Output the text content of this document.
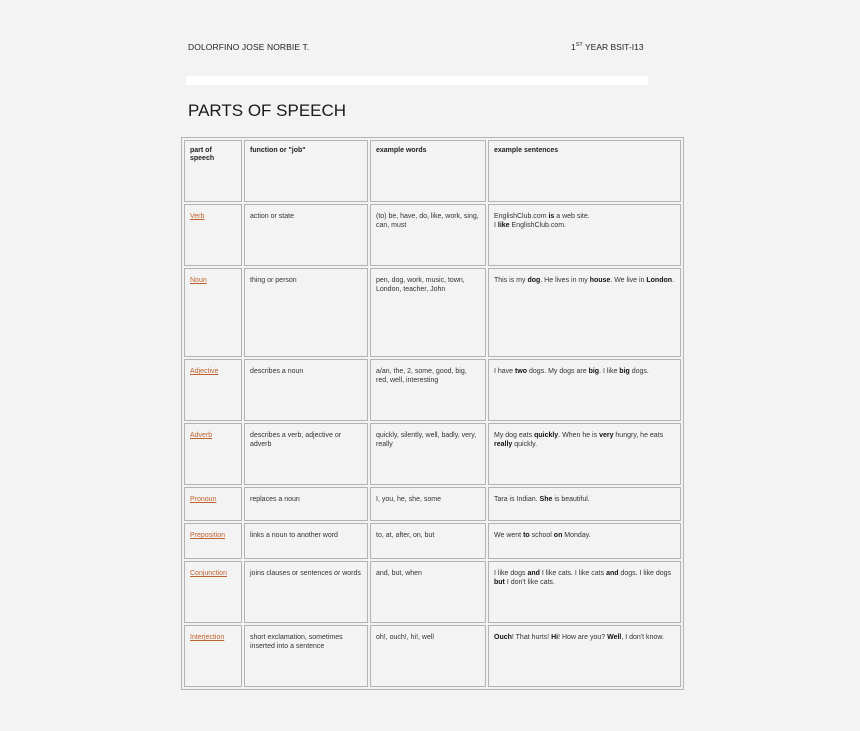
DOLORFINO JOSE NORBIE T.	1ST YEAR BSIT-I13
PARTS OF SPEECH
part of speech	function or "job"	example words	example sentences
Verb	action or state	(to) be, have, do, like, work, sing, can, must	EnglishClub.com is a web site.
I like EnglishClub.com.

Noun	thing or person	pen, dog, work, music, town, London, teacher, John	This is my dog. He lives in my house. We live in London.

Adjective	describes a noun	a/an, the, 2, some, good, big, red, well, interesting	I have two dogs. My dogs are big. I like big dogs.

Adverb	describes a verb, adjective or adverb	quickly, silently, well, badly, very, really	My dog eats quickly. When he is very hungry, he eats really quickly.

Pronoun	replaces a noun	I, you, he, she, some	Tara is Indian. She is beautiful.

Preposition	links a noun to another word	to, at, after, on, but	We went to school on Monday.

Conjunction	joins clauses or sentences or words	and, but, when	I like dogs and I like cats. I like cats and dogs. I like dogs but I don't like cats.

Interjection	short exclamation, sometimes inserted into a sentence	oh!, ouch!, hi!, well	Ouch! That hurts! Hi! How are you? Well, I don't know.
